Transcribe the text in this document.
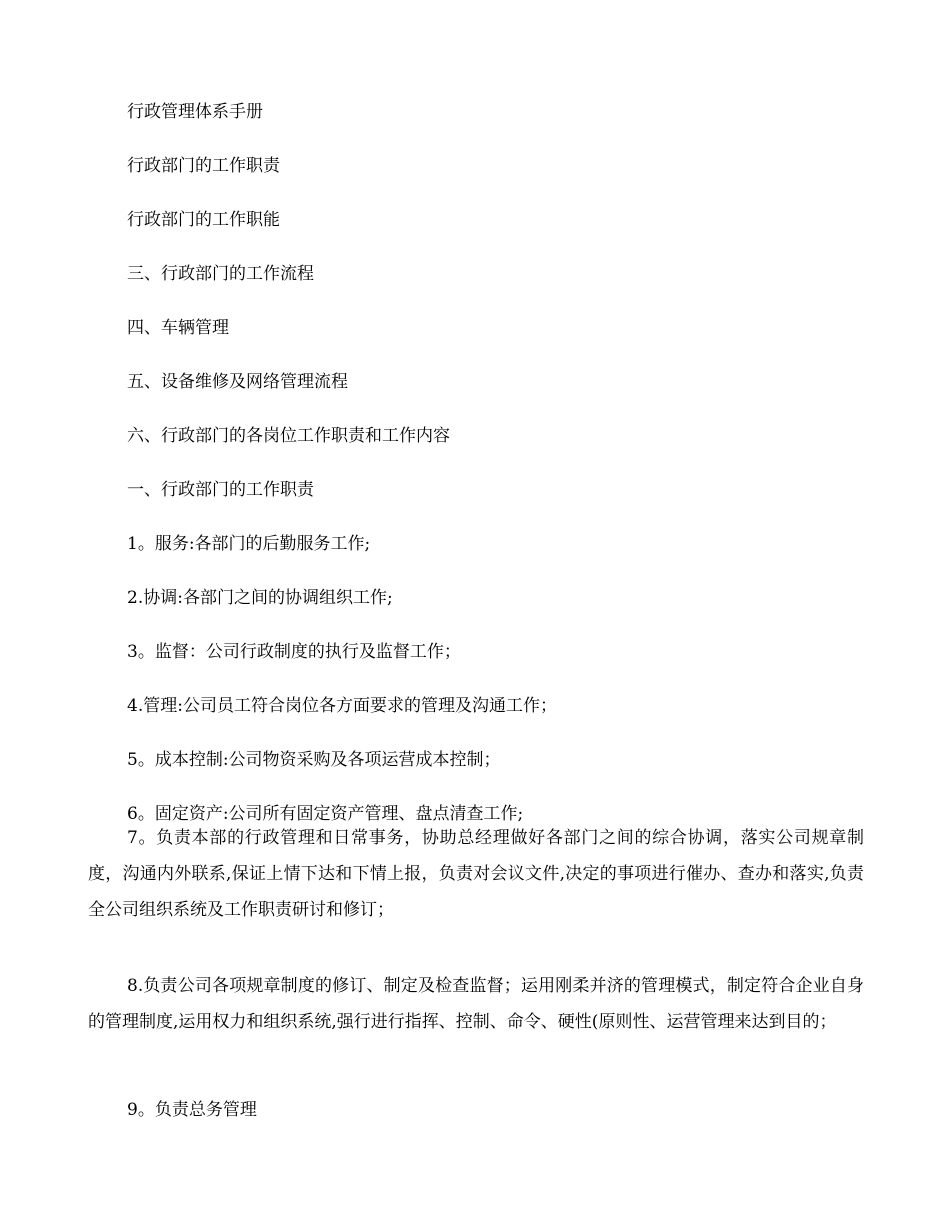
行政管理体系手册

行政部门的工作职责

行政部门的工作职能

三、行政部门的工作流程

四、车辆管理

五、设备维修及网络管理流程

六、行政部门的各岗位工作职责和工作内容

一、行政部门的工作职责

1。服务:各部门的后勤服务工作;

2.协调:各部门之间的协调组织工作;

3。监督：公司行政制度的执行及监督工作；

4.管理:公司员工符合岗位各方面要求的管理及沟通工作；

5。成本控制:公司物资采购及各项运营成本控制；

6。固定资产:公司所有固定资产管理、盘点清查工作;

7。负责本部的行政管理和日常事务，协助总经理做好各部门之间的综合协调，落实公司规章制度，沟通内外联系,保证上情下达和下情上报，负责对会议文件,决定的事项进行催办、查办和落实,负责全公司组织系统及工作职责研讨和修订；

8.负责公司各项规章制度的修订、制定及检查监督；运用刚柔并济的管理模式，制定符合企业自身的管理制度,运用权力和组织系统,强行进行指挥、控制、命令、硬性(原则性、运营管理来达到目的；

9。负责总务管理
